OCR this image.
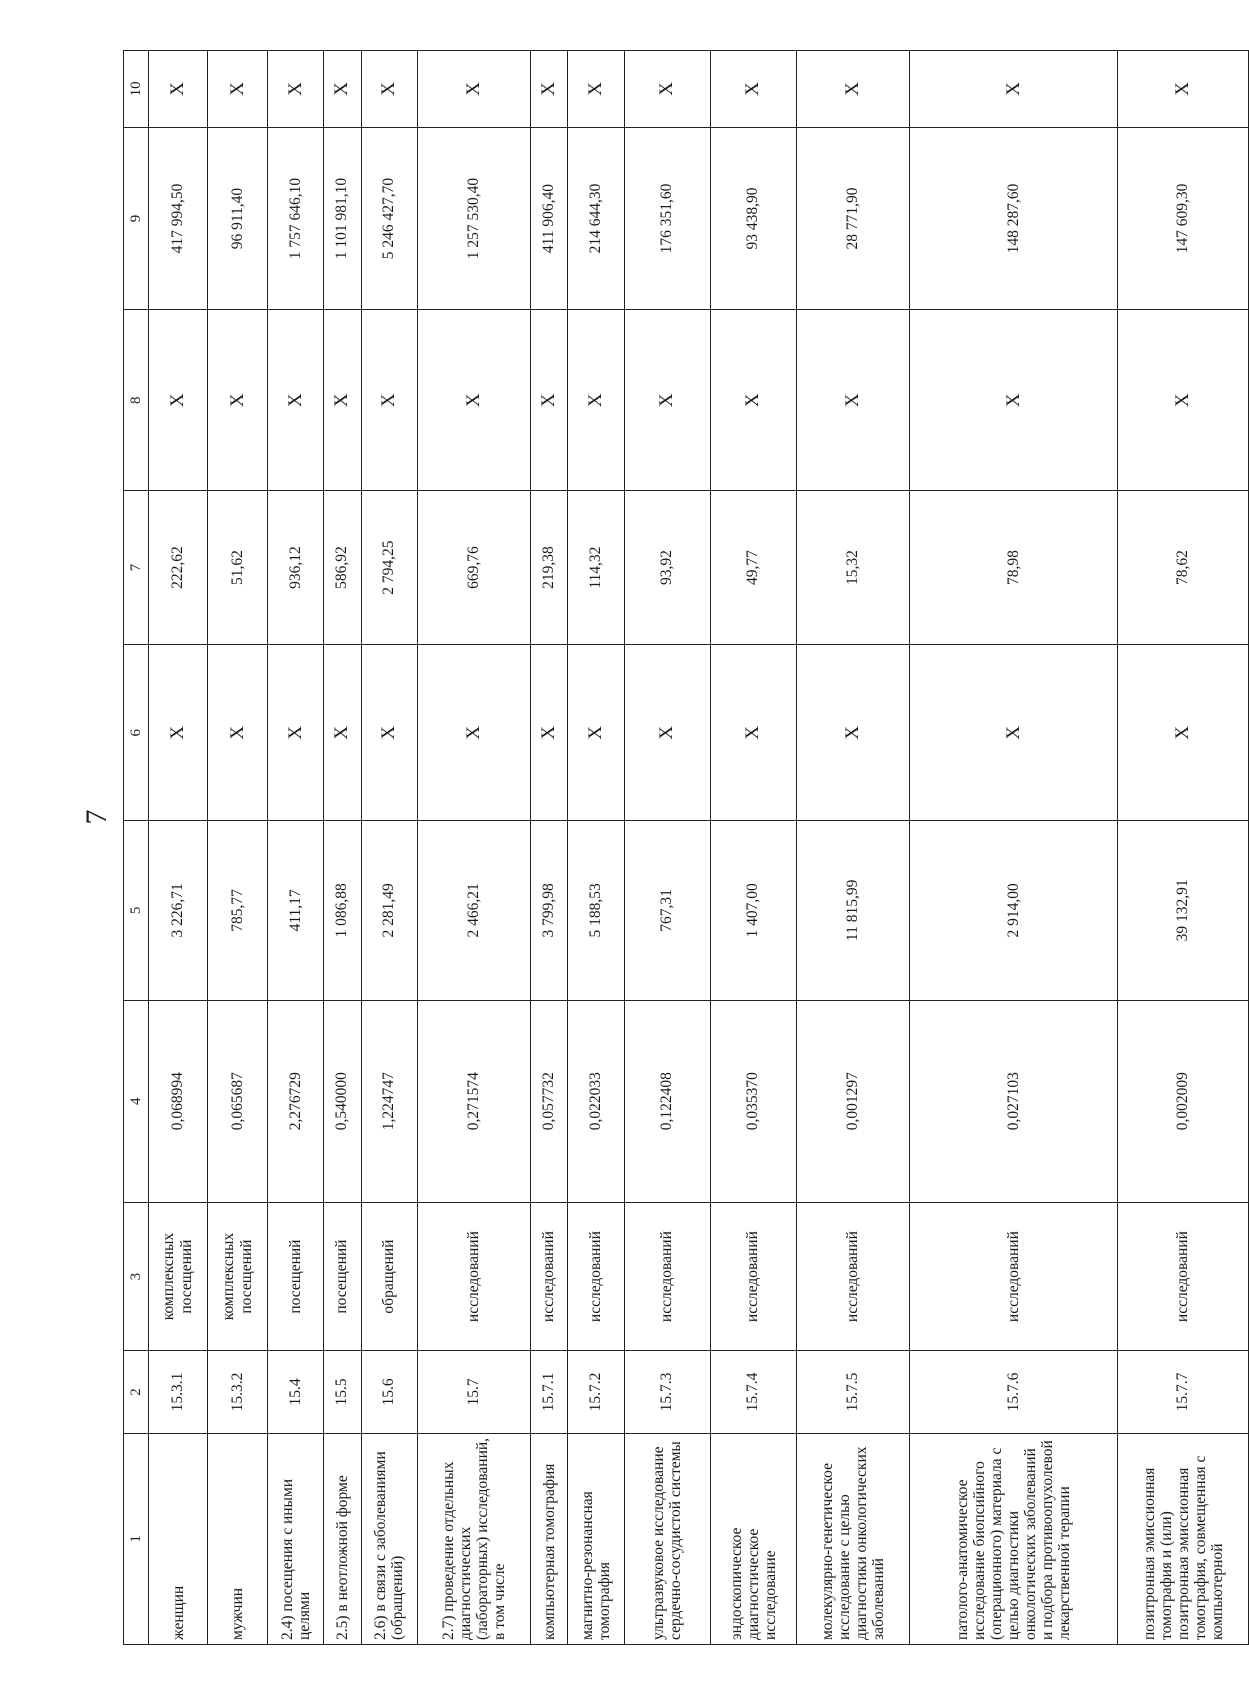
7
1	2	3	4	5	6	7	8	9	10
женщин	15.3.1	комплексных посещений	0,068994	3 226,71	X	222,62	X	417 994,50	X
мужчин	15.3.2	комплексных посещений	0,065687	785,77	X	51,62	X	96 911,40	X
2.4) посещения с иными целями	15.4	посещений	2,276729	411,17	X	936,12	X	1 757 646,10	X
2.5) в неотложной форме	15.5	посещений	0,540000	1 086,88	X	586,92	X	1 101 981,10	X
2.6) в связи с заболеваниями (обращений)	15.6	обращений	1,224747	2 281,49	X	2 794,25	X	5 246 427,70	X
2.7) проведение отдельных диагностических (лабораторных) исследований, в том числе	15.7	исследований	0,271574	2 466,21	X	669,76	X	1 257 530,40	X
компьютерная томография	15.7.1	исследований	0,057732	3 799,98	X	219,38	X	411 906,40	X
магнитно-резонансная томография	15.7.2	исследований	0,022033	5 188,53	X	114,32	X	214 644,30	X
ультразвуковое исследование сердечно-сосудистой системы	15.7.3	исследований	0,122408	767,31	X	93,92	X	176 351,60	X
эндоскопическое диагностическое исследование	15.7.4	исследований	0,035370	1 407,00	X	49,77	X	93 438,90	X
молекулярно-генетическое исследование с целью диагностики онкологических заболеваний	15.7.5	исследований	0,001297	11 815,99	X	15,32	X	28 771,90	X
патолого-анатомическое исследование биопсийного (операционного) материала с целью диагностики онкологических заболеваний и подбора противоопухолевой лекарственной терапии	15.7.6	исследований	0,027103	2 914,00	X	78,98	X	148 287,60	X
позитронная эмиссионная томография и (или) позитронная эмиссионная томография, совмещенная с компьютерной	15.7.7	исследований	0,002009	39 132,91	X	78,62	X	147 609,30	X
